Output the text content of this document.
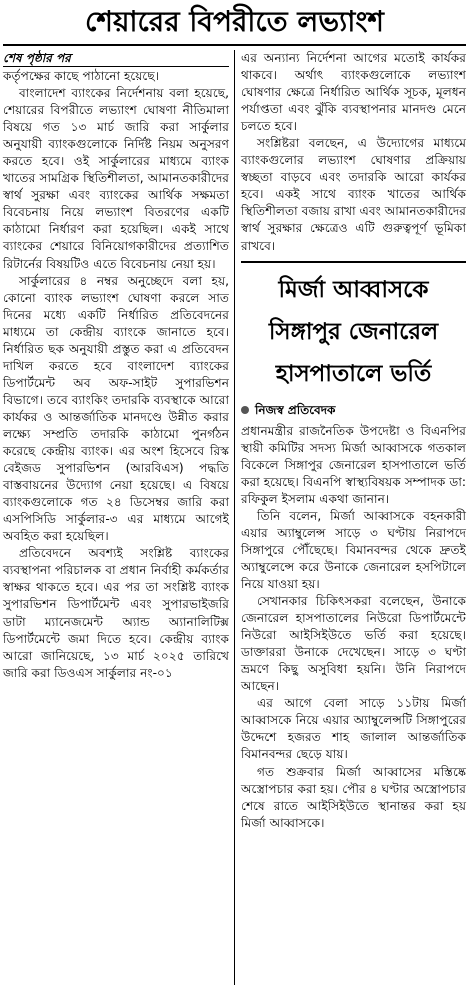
শেয়ারের বিপরীতে লভ্যাংশ

শেষ পৃষ্ঠার পর

কর্তৃপক্ষের কাছে পাঠানো হয়েছে।

বাংলাদেশ ব্যাংকের নির্দেশনায় বলা হয়েছে, শেয়ারের বিপরীতে লভ্যাংশ ঘোষণা নীতিমালা বিষয়ে গত ১৩ মার্চ জারি করা সার্কুলার অনুযায়ী ব্যাংকগুলোকে নির্দিষ্ট নিয়ম অনুসরণ করতে হবে। ওই সার্কুলারের মাধ্যমে ব্যাংক খাতের সামগ্রিক স্থিতিশীলতা, আমানতকারীদের স্বার্থ সুরক্ষা এবং ব্যাংকের আর্থিক সক্ষমতা বিবেচনায় নিয়ে লভ্যাংশ বিতরণের একটি কাঠামো নির্ধারণ করা হয়েছিল। একই সাথে ব্যাংকের শেয়ারে বিনিয়োগকারীদের প্রত্যাশিত রিটার্নের বিষয়টিও এতে বিবেচনায় নেয়া হয়।

সার্কুলারের ৪ নম্বর অনুচ্ছেদে বলা হয়, কোনো ব্যাংক লভ্যাংশ ঘোষণা করলে সাত দিনের মধ্যে একটি নির্ধারিত প্রতিবেদনের মাধ্যমে তা কেন্দ্রীয় ব্যাংকে জানাতে হবে। নির্ধারিত ছক অনুযায়ী প্রস্তুত করা এ প্রতিবেদন দাখিল করতে হবে বাংলাদেশ ব্যাংকের ডিপার্টমেন্ট অব অফ-সাইট সুপারভিশন বিভাগে। তবে ব্যাংকিং তদারকি ব্যবস্থাকে আরো কার্যকর ও আন্তর্জাতিক মানদণ্ডে উন্নীত করার লক্ষ্যে সম্প্রতি তদারকি কাঠামো পুনর্গঠন করেছে কেন্দ্রীয় ব্যাংক। এর অংশ হিসেবে রিস্ক বেইজড সুপারভিশন (আরবিএস) পদ্ধতি বাস্তবায়নের উদ্যোগ নেয়া হয়েছে। এ বিষয়ে ব্যাংকগুলোকে গত ২৪ ডিসেম্বর জারি করা এসপিসিডি সার্কুলার-৩ এর মাধ্যমে আগেই অবহিত করা হয়েছিল।

প্রতিবেদনে অবশ্যই সংশ্লিষ্ট ব্যাংকের ব্যবস্থাপনা পরিচালক বা প্রধান নির্বাহী কর্মকর্তার স্বাক্ষর থাকতে হবে। এর পর তা সংশ্লিষ্ট ব্যাংক সুপারভিশন ডিপার্টমেন্ট এবং সুপারভাইজরি ডাটা ম্যানেজমেন্ট অ্যান্ড অ্যানালিটিক্স ডিপার্টমেন্টে জমা দিতে হবে। কেন্দ্রীয় ব্যাংক আরো জানিয়েছে, ১৩ মার্চ ২০২৫ তারিখে জারি করা ডিওএস সার্কুলার নং-০১

এর অন্যান্য নির্দেশনা আগের মতোই কার্যকর থাকবে। অর্থাৎ ব্যাংকগুলোকে লভ্যাংশ ঘোষণার ক্ষেত্রে নির্ধারিত আর্থিক সূচক, মূলধন পর্যাপ্ততা এবং ঝুঁকি ব্যবস্থাপনার মানদণ্ড মেনে চলতে হবে।

সংশ্লিষ্টরা বলছেন, এ উদ্যোগের মাধ্যমে ব্যাংকগুলোর লভ্যাংশ ঘোষণার প্রক্রিয়ায় স্বচ্ছতা বাড়বে এবং তদারকি আরো কার্যকর হবে। একই সাথে ব্যাংক খাতের আর্থিক স্থিতিশীলতা বজায় রাখা এবং আমানতকারীদের স্বার্থ সুরক্ষার ক্ষেত্রেও এটি গুরুত্বপূর্ণ ভূমিকা রাখবে।

মির্জা আব্বাসকে

সিঙ্গাপুর জেনারেল

হাসপাতালে ভর্তি

নিজস্ব প্রতিবেদক

প্রধানমন্ত্রীর রাজনৈতিক উপদেষ্টা ও বিএনপির স্থায়ী কমিটির সদস্য মির্জা আব্বাসকে গতকাল বিকেলে সিঙ্গাপুর জেনারেল হাসপাতালে ভর্তি করা হয়েছে। বিএনপি স্বাস্থ্যবিষয়ক সম্পাদক ডা: রফিকুল ইসলাম একথা জানান।

তিনি বলেন, মির্জা আব্বাসকে বহনকারী এয়ার অ্যাম্বুলেন্স সাড়ে ৩ ঘণ্টায় নিরাপদে সিঙ্গাপুরে পৌঁছেছে। বিমানবন্দর থেকে দ্রুতই অ্যাম্বুলেন্সে করে উনাকে জেনারেল হসপিটালে নিয়ে যাওয়া হয়।

সেখানকার চিকিৎসকরা বলেছেন, উনাকে জেনারেল হাসপাতালের নিউরো ডিপার্টমেন্টে নিউরো আইসিইউতে ভর্তি করা হয়েছে। ডাক্তাররা উনাকে দেখেছেন। সাড়ে ৩ ঘণ্টা ভ্রমণে কিছু অসুবিধা হয়নি। উনি নিরাপদে আছেন।

এর আগে বেলা সাড়ে ১১টায় মির্জা আব্বাসকে নিয়ে এয়ার অ্যাম্বুলেন্সটি সিঙ্গাপুরের উদ্দেশে হজরত শাহ জালাল আন্তর্জাতিক বিমানবন্দর ছেড়ে যায়।

গত শুক্রবার মির্জা আব্বাসের মস্তিষ্কে অস্ত্রোপচার করা হয়। পৌর ৪ ঘণ্টার অস্ত্রোপচার শেষে রাতে আইসিইউতে স্থানান্তর করা হয় মির্জা আব্বাসকে।
